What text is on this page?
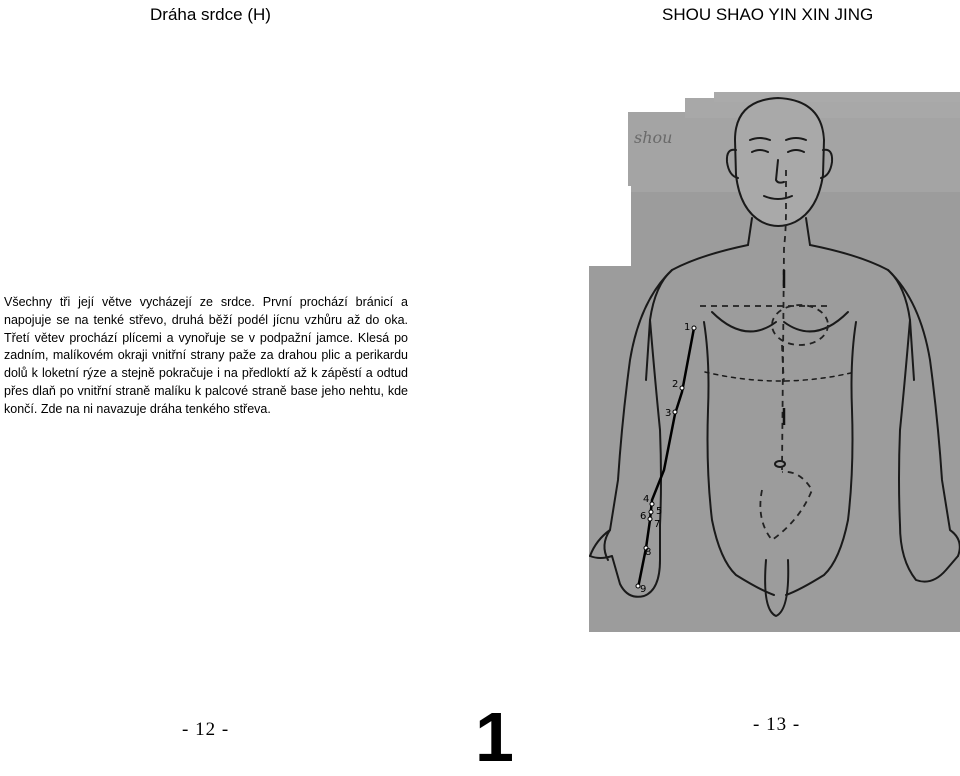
Dráha srdce (H)	SHOU SHAO YIN XIN JING
Všechny tři její větve vycházejí ze srdce. První prochází bránicí a napojuje se na tenké střevo, druhá běží podél jícnu vzhůru až do oka. Třetí větev prochází plícemi a vynořuje se v podpažní jamce. Klesá po zadním, malíkovém okraji vnitřní strany paže za drahou plic a perikardu dolů k loketní rýze a stejně pokračuje i na předloktí až k zápěstí a odtud přes dlaň po vnitřní straně malíku k palcové straně base jeho nehtu, kde končí. Zde na ni navazuje dráha tenkého střeva.
shou
1
2
3
4
5
6
7
8
9
- 12 -	- 13 -
1
